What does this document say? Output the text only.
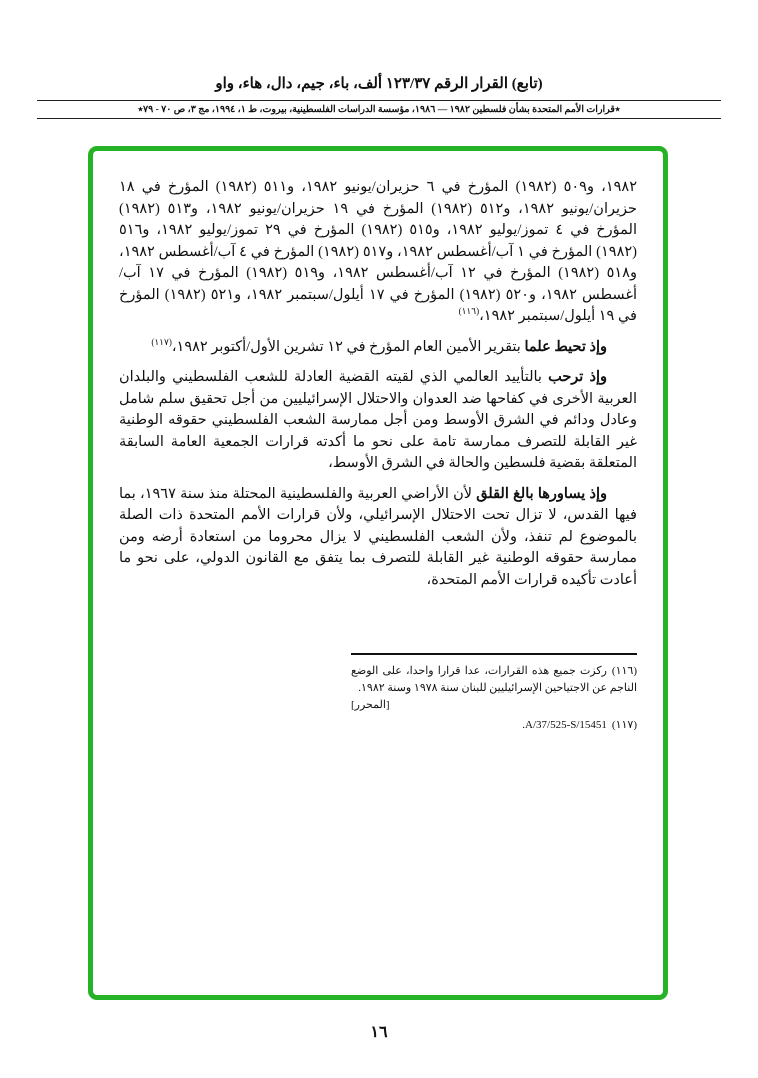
(تابع) القرار الرقم ١٢٣/٣٧ ألف، باء، جيم، دال، هاء، واو
٭قرارات الأمم المتحدة بشأن فلسطين ١٩٨٢ — ١٩٨٦، مؤسسة الدراسات الفلسطينية، بيروت، ط ١، ١٩٩٤، مج ٣، ص ٧٠ - ٧٩٭

١٩٨٢، و٥٠٩ (١٩٨٢) المؤرخ في ٦ حزيران/يونيو ١٩٨٢، و٥١١ (١٩٨٢) المؤرخ في ١٨ حزيران/يونيو ١٩٨٢، و٥١٢ (١٩٨٢) المؤرخ في ١٩ حزيران/يونيو ١٩٨٢، و٥١٣ (١٩٨٢) المؤرخ في ٤ تموز/يوليو ١٩٨٢، و٥١٥ (١٩٨٢) المؤرخ في ٢٩ تموز/يوليو ١٩٨٢، و٥١٦ (١٩٨٢) المؤرخ في ١ آب/أغسطس ١٩٨٢، و٥١٧ (١٩٨٢) المؤرخ في ٤ آب/أغسطس ١٩٨٢، و٥١٨ (١٩٨٢) المؤرخ في ١٢ آب/أغسطس ١٩٨٢، و٥١٩ (١٩٨٢) المؤرخ في ١٧ آب/أغسطس ١٩٨٢، و٥٢٠ (١٩٨٢) المؤرخ في ١٧ أيلول/سبتمبر ١٩٨٢، و٥٢١ (١٩٨٢) المؤرخ في ١٩ أيلول/سبتمبر ١٩٨٢،$^{(١١٦)}$

وإذ تحيط علما بتقرير الأمين العام المؤرخ في ١٢ تشرين الأول/أكتوبر ١٩٨٢،$^{(١١٧)}$

وإذ ترحب بالتأييد العالمي الذي لقيته القضية العادلة للشعب الفلسطيني والبلدان العربية الأخرى في كفاحها ضد العدوان والاحتلال الإسرائيليين من أجل تحقيق سلم شامل وعادل ودائم في الشرق الأوسط ومن أجل ممارسة الشعب الفلسطيني حقوقه الوطنية غير القابلة للتصرف ممارسة تامة على نحو ما أكدته قرارات الجمعية العامة السابقة المتعلقة بقضية فلسطين والحالة في الشرق الأوسط،

وإذ يساورها بالغ القلق لأن الأراضي العربية والفلسطينية المحتلة منذ سنة ١٩٦٧، بما فيها القدس، لا تزال تحت الاحتلال الإسرائيلي، ولأن قرارات الأمم المتحدة ذات الصلة بالموضوع لم تنفذ، ولأن الشعب الفلسطيني لا يزال محروما من استعادة أرضه ومن ممارسة حقوقه الوطنية غير القابلة للتصرف بما يتفق مع القانون الدولي، على نحو ما أعادت تأكيده قرارات الأمم المتحدة،

(١١٦)ركزت جميع هذه القرارات، عدا قرارا واحدا، على الوضع الناجم عن الاجتياحين الإسرائيليين للبنان سنة ١٩٧٨ وسنة ١٩٨٢.
[المحرر]
(١١٧)A/37/525-S/15451.
١٦
